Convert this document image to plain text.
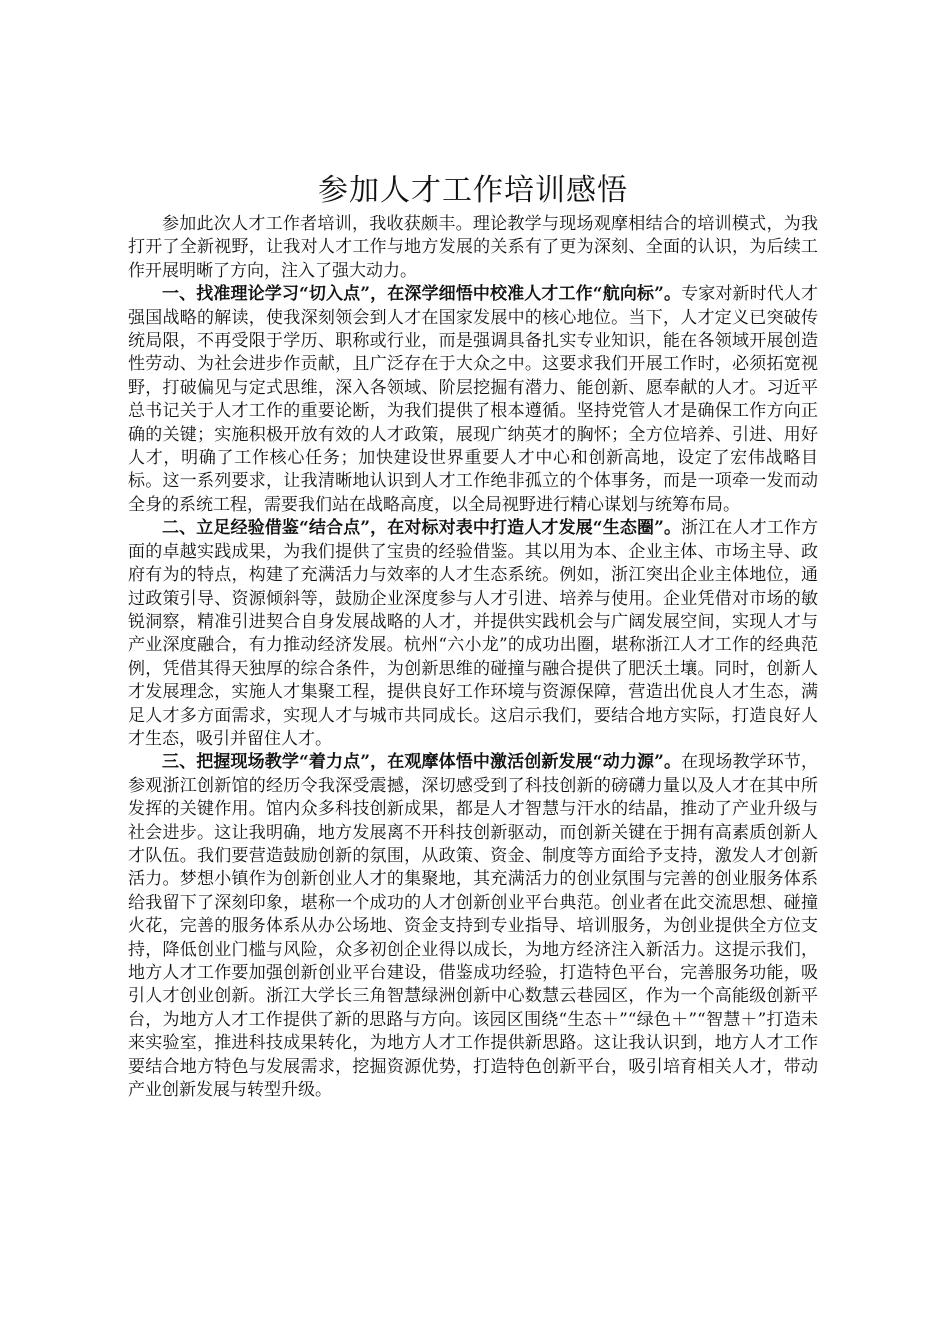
参加人才工作培训感悟

参加此次人才工作者培训，我收获颇丰。理论教学与现场观摩相结合的培训模式，为我打开了全新视野，让我对人才工作与地方发展的关系有了更为深刻、全面的认识，为后续工作开展明晰了方向，注入了强大动力。

一、找准理论学习“切入点”，在深学细悟中校准人才工作“航向标”。专家对新时代人才强国战略的解读，使我深刻领会到人才在国家发展中的核心地位。当下，人才定义已突破传统局限，不再受限于学历、职称或行业，而是强调具备扎实专业知识，能在各领域开展创造性劳动、为社会进步作贡献，且广泛存在于大众之中。这要求我们开展工作时，必须拓宽视野，打破偏见与定式思维，深入各领域、阶层挖掘有潜力、能创新、愿奉献的人才。习近平总书记关于人才工作的重要论断，为我们提供了根本遵循。坚持党管人才是确保工作方向正确的关键；实施积极开放有效的人才政策，展现广纳英才的胸怀；全方位培养、引进、用好人才，明确了工作核心任务；加快建设世界重要人才中心和创新高地，设定了宏伟战略目标。这一系列要求，让我清晰地认识到人才工作绝非孤立的个体事务，而是一项牵一发而动全身的系统工程，需要我们站在战略高度，以全局视野进行精心谋划与统筹布局。

二、立足经验借鉴“结合点”，在对标对表中打造人才发展“生态圈”。浙江在人才工作方面的卓越实践成果，为我们提供了宝贵的经验借鉴。其以用为本、企业主体、市场主导、政府有为的特点，构建了充满活力与效率的人才生态系统。例如，浙江突出企业主体地位，通过政策引导、资源倾斜等，鼓励企业深度参与人才引进、培养与使用。企业凭借对市场的敏锐洞察，精准引进契合自身发展战略的人才，并提供实践机会与广阔发展空间，实现人才与产业深度融合，有力推动经济发展。杭州“六小龙”的成功出圈，堪称浙江人才工作的经典范例，凭借其得天独厚的综合条件，为创新思维的碰撞与融合提供了肥沃土壤。同时，创新人才发展理念，实施人才集聚工程，提供良好工作环境与资源保障，营造出优良人才生态，满足人才多方面需求，实现人才与城市共同成长。这启示我们，要结合地方实际，打造良好人才生态，吸引并留住人才。

三、把握现场教学“着力点”，在观摩体悟中激活创新发展“动力源”。在现场教学环节，参观浙江创新馆的经历令我深受震撼，深切感受到了科技创新的磅礴力量以及人才在其中所发挥的关键作用。馆内众多科技创新成果，都是人才智慧与汗水的结晶，推动了产业升级与社会进步。这让我明确，地方发展离不开科技创新驱动，而创新关键在于拥有高素质创新人才队伍。我们要营造鼓励创新的氛围，从政策、资金、制度等方面给予支持，激发人才创新活力。梦想小镇作为创新创业人才的集聚地，其充满活力的创业氛围与完善的创业服务体系给我留下了深刻印象，堪称一个成功的人才创新创业平台典范。创业者在此交流思想、碰撞火花，完善的服务体系从办公场地、资金支持到专业指导、培训服务，为创业提供全方位支持，降低创业门槛与风险，众多初创企业得以成长，为地方经济注入新活力。这提示我们，地方人才工作要加强创新创业平台建设，借鉴成功经验，打造特色平台，完善服务功能，吸引人才创业创新。浙江大学长三角智慧绿洲创新中心数慧云巷园区，作为一个高能级创新平台，为地方人才工作提供了新的思路与方向。该园区围绕“生态＋”“绿色＋”“智慧＋”打造未来实验室，推进科技成果转化，为地方人才工作提供新思路。这让我认识到，地方人才工作要结合地方特色与发展需求，挖掘资源优势，打造特色创新平台，吸引培育相关人才，带动产业创新发展与转型升级。
